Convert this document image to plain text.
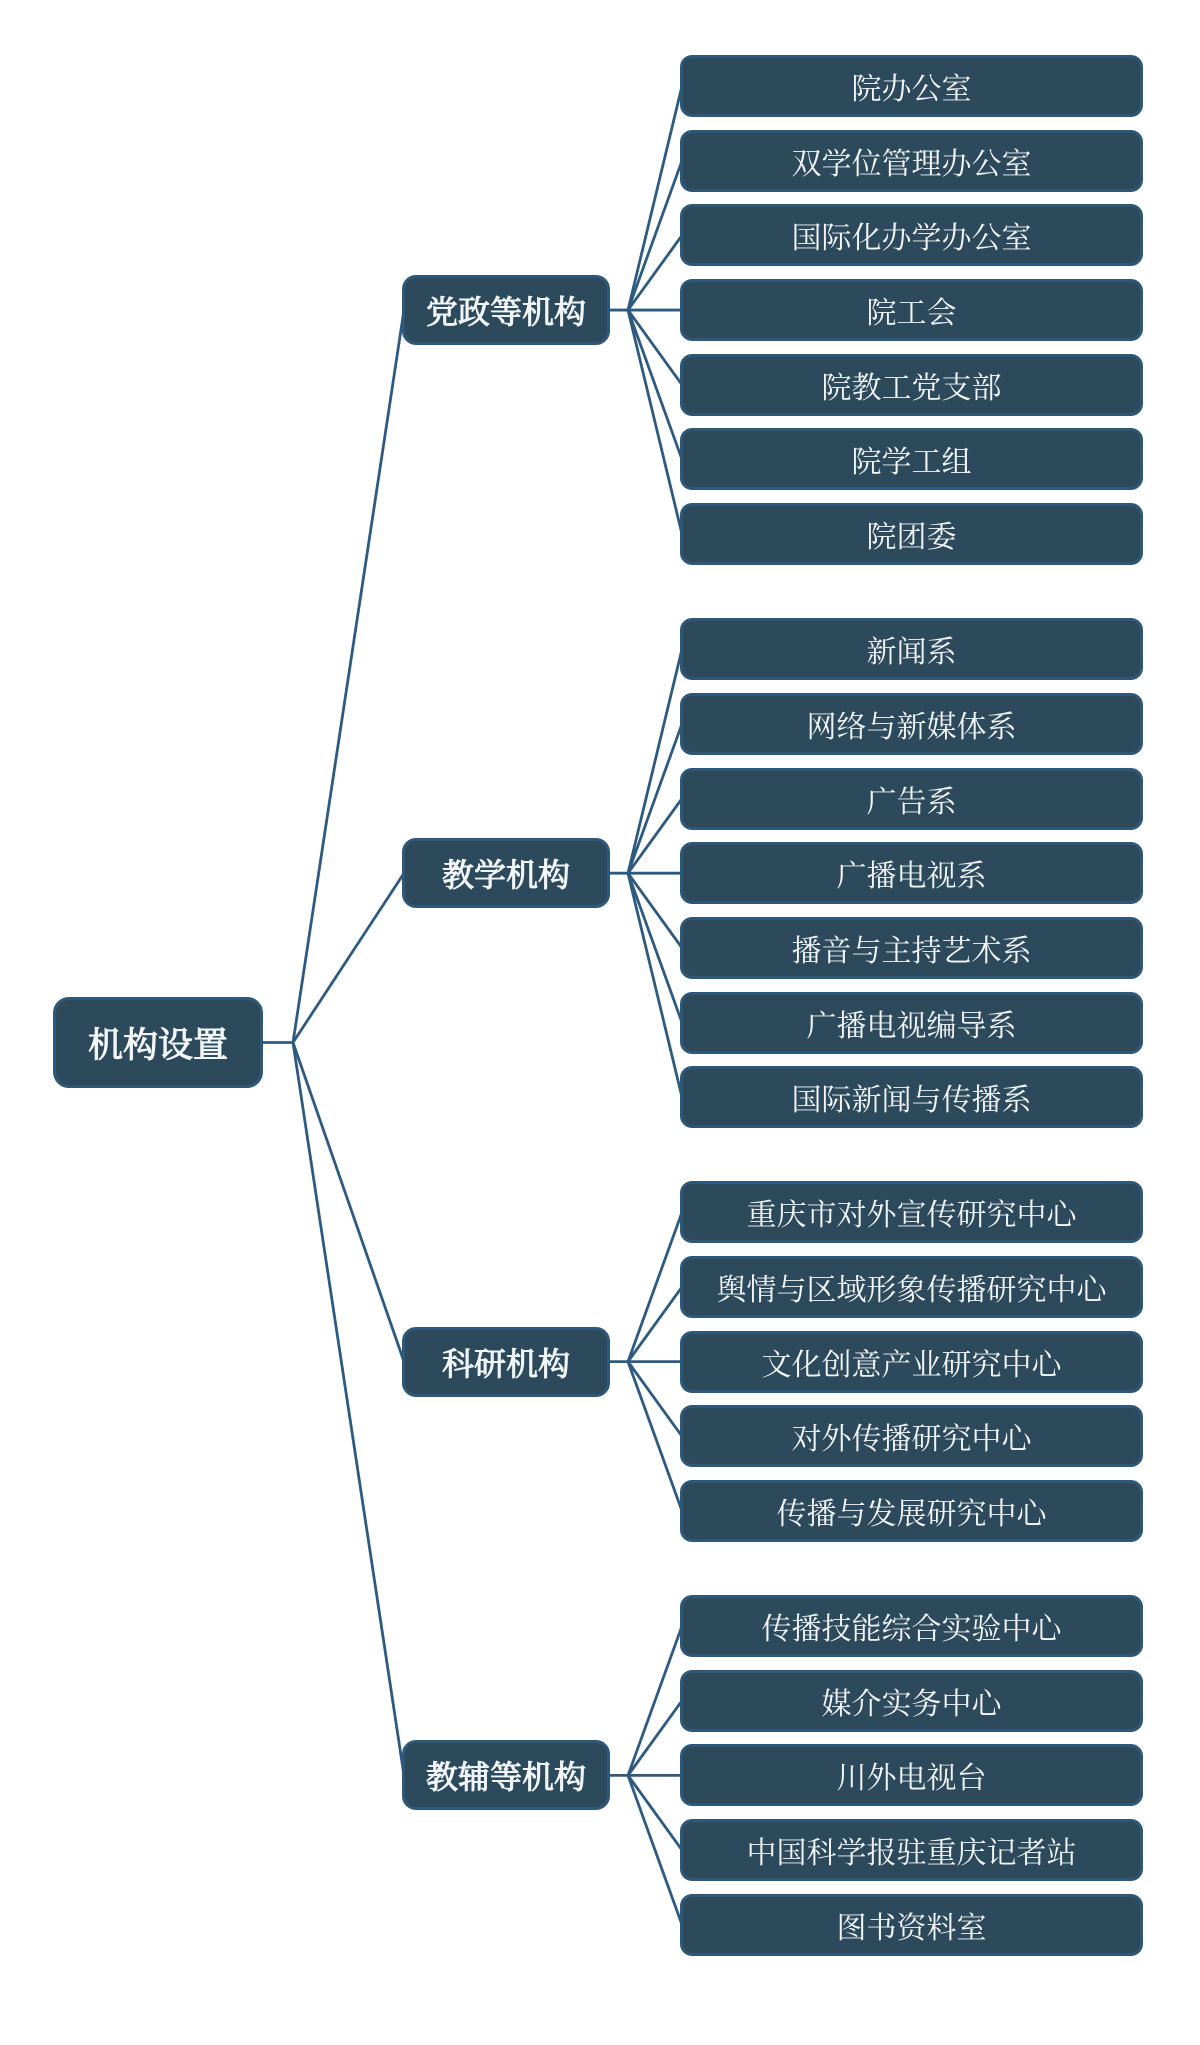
机构设置
党政等机构
教学机构
科研机构
教辅等机构
院办公室
双学位管理办公室
国际化办学办公室
院工会
院教工党支部
院学工组
院团委
新闻系
网络与新媒体系
广告系
广播电视系
播音与主持艺术系
广播电视编导系
国际新闻与传播系
重庆市对外宣传研究中心
舆情与区域形象传播研究中心
文化创意产业研究中心
对外传播研究中心
传播与发展研究中心
传播技能综合实验中心
媒介实务中心
川外电视台
中国科学报驻重庆记者站
图书资料室
